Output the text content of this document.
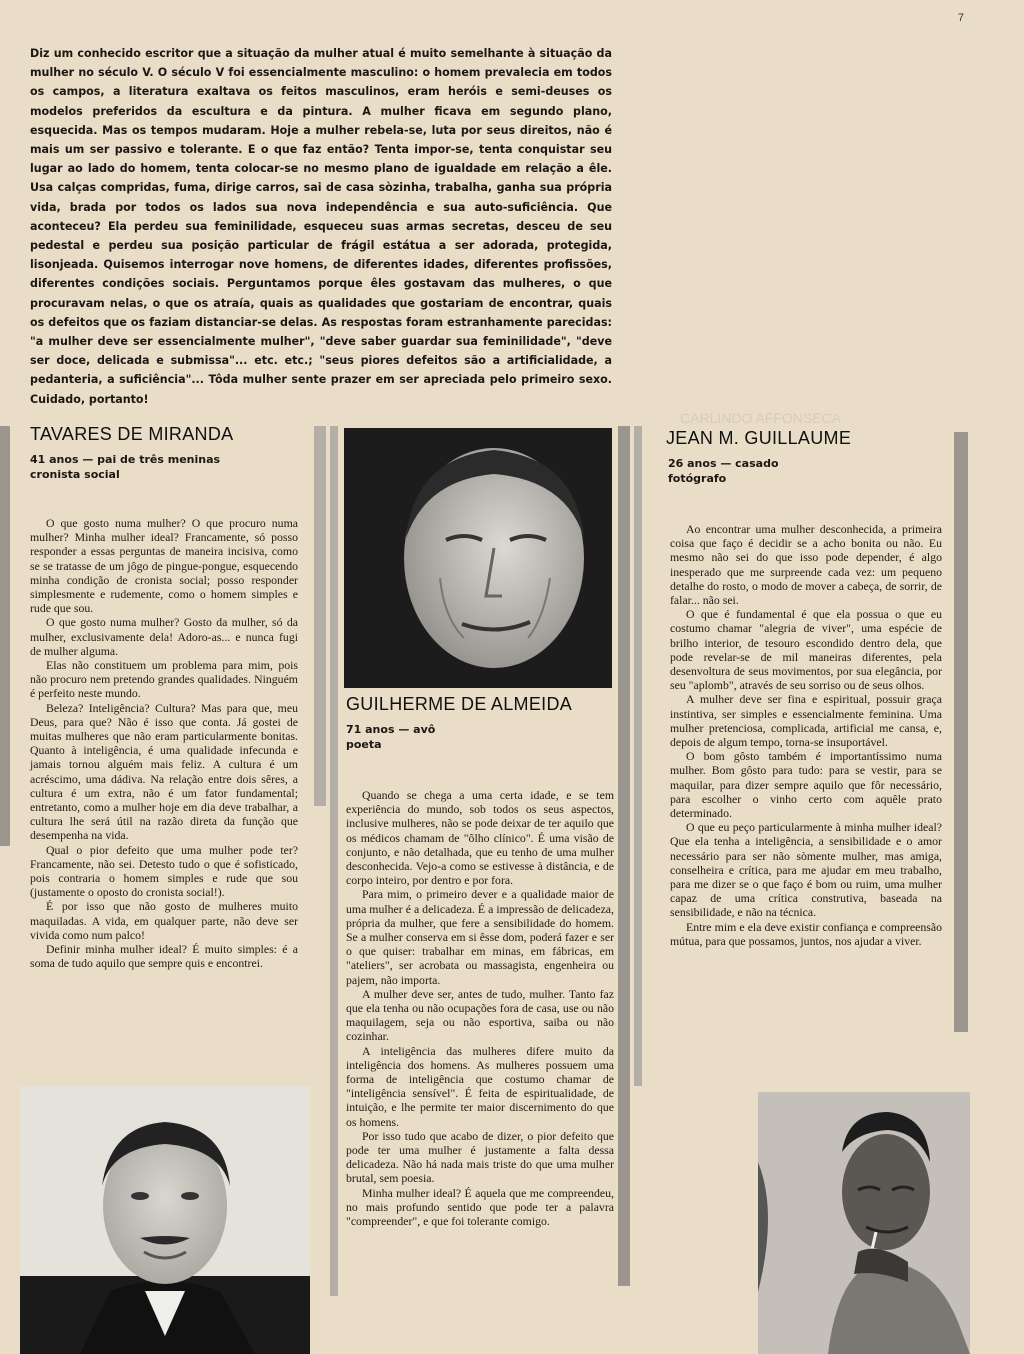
7
CARLINDO AFFONSECA

Diz um conhecido escritor que a situação da mulher atual é muito semelhante à situação da mulher no século V. O século V foi essencialmente masculino: o homem prevalecia em todos os campos, a literatura exaltava os feitos masculinos, eram heróis e semi-deuses os modelos preferidos da escultura e da pintura. A mulher ficava em segundo plano, esquecida. Mas os tempos mudaram. Hoje a mulher rebela-se, luta por seus direitos, não é mais um ser passivo e tolerante. E o que faz então? Tenta impor-se, tenta conquistar seu lugar ao lado do homem, tenta colocar-se no mesmo plano de igualdade em relação a êle. Usa calças compridas, fuma, dirige carros, sai de casa sòzinha, trabalha, ganha sua própria vida, brada por todos os lados sua nova independência e sua auto-suficiência. Que aconteceu? Ela perdeu sua feminilidade, esqueceu suas armas secretas, desceu de seu pedestal e perdeu sua posição particular de frágil estátua a ser adorada, protegida, lisonjeada. Quisemos interrogar nove homens, de diferentes idades, diferentes profissões, diferentes condições sociais. Perguntamos porque êles gostavam das mulheres, o que procuravam nelas, o que os atraía, quais as qualidades que gostariam de encontrar, quais os defeitos que os faziam distanciar-se delas. As respostas foram estranhamente parecidas: "a mulher deve ser essencialmente mulher", "deve saber guardar sua feminilidade", "deve ser doce, delicada e submissa"... etc. etc.; "seus piores defeitos são a artificialidade, a pedanteria, a suficiência"... Tôda mulher sente prazer em ser apreciada pelo primeiro sexo. Cuidado, portanto!

TAVARES DE MIRANDA
41 anos — pai de três meninas
cronista social

O que gosto numa mulher? O que procuro numa mulher? Minha mulher ideal? Francamente, só posso responder a essas perguntas de maneira incisiva, como se se tratasse de um jôgo de pingue-pongue, esquecendo minha condição de cronista social; posso responder simplesmente e rudemente, como o homem simples e rude que sou.

O que gosto numa mulher? Gosto da mulher, só da mulher, exclusivamente dela! Adoro-as... e nunca fugi de mulher alguma.

Elas não constituem um problema para mim, pois não procuro nem pretendo grandes qualidades. Ninguém é perfeito neste mundo.

Beleza? Inteligência? Cultura? Mas para que, meu Deus, para que? Não é isso que conta. Já gostei de muitas mulheres que não eram particularmente bonitas. Quanto à inteligência, é uma qualidade infecunda e jamais tornou alguém mais feliz. A cultura é um acréscimo, uma dádiva. Na relação entre dois sêres, a cultura é um extra, não é um fator fundamental; entretanto, como a mulher hoje em dia deve trabalhar, a cultura lhe será útil na razão direta da função que desempenha na vida.

Qual o pior defeito que uma mulher pode ter? Francamente, não sei. Detesto tudo o que é sofisticado, pois contraria o homem simples e rude que sou (justamente o oposto do cronista social!).

É por isso que não gosto de mulheres muito maquiladas. A vida, em qualquer parte, não deve ser vivida como num palco!

Definir minha mulher ideal? É muito simples: é a soma de tudo aquilo que sempre quis e encontrei.

GUILHERME DE ALMEIDA
71 anos — avô
poeta

Quando se chega a uma certa idade, e se tem experiência do mundo, sob todos os seus aspectos, inclusive mulheres, não se pode deixar de ter aquilo que os médicos chamam de "ôlho clínico". É uma visão de conjunto, e não detalhada, que eu tenho de uma mulher desconhecida. Vejo-a como se estivesse à distância, e de corpo inteiro, por dentro e por fora.

Para mim, o primeiro dever e a qualidade maior de uma mulher é a delicadeza. É a impressão de delicadeza, própria da mulher, que fere a sensibilidade do homem. Se a mulher conserva em si êsse dom, poderá fazer e ser o que quiser: trabalhar em minas, em fábricas, em "ateliers", ser acrobata ou massagista, engenheira ou pajem, não importa.

A mulher deve ser, antes de tudo, mulher. Tanto faz que ela tenha ou não ocupações fora de casa, use ou não maquilagem, seja ou não esportiva, saiba ou não cozinhar.

A inteligência das mulheres difere muito da inteligência dos homens. As mulheres possuem uma forma de inteligência que costumo chamar de "inteligência sensível". É feita de espiritualidade, de intuição, e lhe permite ter maior discernimento do que os homens.

Por isso tudo que acabo de dizer, o pior defeito que pode ter uma mulher é justamente a falta dessa delicadeza. Não há nada mais triste do que uma mulher brutal, sem poesia.

Minha mulher ideal? É aquela que me compreendeu, no mais profundo sentido que pode ter a palavra "compreender", e que foi tolerante comigo.

JEAN M. GUILLAUME
26 anos — casado
fotógrafo

Ao encontrar uma mulher desconhecida, a primeira coisa que faço é decidir se a acho bonita ou não. Eu mesmo não sei do que isso pode depender, é algo inesperado que me surpreende cada vez: um pequeno detalhe do rosto, o modo de mover a cabeça, de sorrir, de falar... não sei.

O que é fundamental é que ela possua o que eu costumo chamar "alegria de viver", uma espécie de brilho interior, de tesouro escondido dentro dela, que pode revelar-se de mil maneiras diferentes, pela desenvoltura de seus movimentos, por sua elegância, por seu "aplomb", através de seu sorriso ou de seus olhos.

A mulher deve ser fina e espiritual, possuir graça instintiva, ser simples e essencialmente feminina. Uma mulher pretenciosa, complicada, artificial me cansa, e, depois de algum tempo, torna-se insuportável.

O bom gôsto também é importantíssimo numa mulher. Bom gôsto para tudo: para se vestir, para se maquilar, para dizer sempre aquilo que fôr necessário, para escolher o vinho certo com aquêle prato determinado.

O que eu peço particularmente à minha mulher ideal? Que ela tenha a inteligência, a sensibilidade e o amor necessário para ser não sòmente mulher, mas amiga, conselheira e crítica, para me ajudar em meu trabalho, para me dizer se o que faço é bom ou ruim, uma mulher capaz de uma crítica construtiva, baseada na sensibilidade, e não na técnica.

Entre mim e ela deve existir confiança e compreensão mútua, para que possamos, juntos, nos ajudar a viver.
